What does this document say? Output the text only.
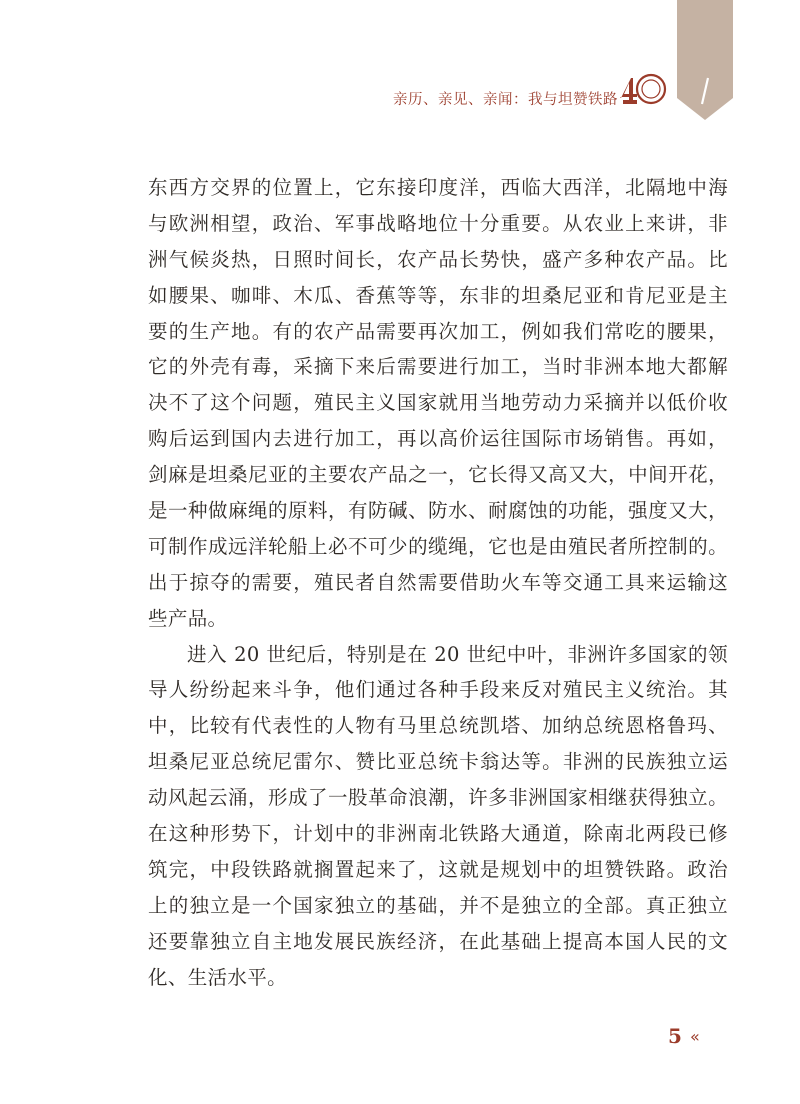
亲历、亲见、亲闻：我与坦赞铁路
东西方交界的位置上，它东接印度洋，西临大西洋，北隔地中海
与欧洲相望，政治、军事战略地位十分重要。从农业上来讲，非
洲气候炎热，日照时间长，农产品长势快，盛产多种农产品。比
如腰果、咖啡、木瓜、香蕉等等，东非的坦桑尼亚和肯尼亚是主
要的生产地。有的农产品需要再次加工，例如我们常吃的腰果，
它的外壳有毒，采摘下来后需要进行加工，当时非洲本地大都解
决不了这个问题，殖民主义国家就用当地劳动力采摘并以低价收
购后运到国内去进行加工，再以高价运往国际市场销售。再如，
剑麻是坦桑尼亚的主要农产品之一，它长得又高又大，中间开花，
是一种做麻绳的原料，有防碱、防水、耐腐蚀的功能，强度又大，
可制作成远洋轮船上必不可少的缆绳，它也是由殖民者所控制的。
出于掠夺的需要，殖民者自然需要借助火车等交通工具来运输这
些产品。
进入 20 世纪后，特别是在 20 世纪中叶，非洲许多国家的领
导人纷纷起来斗争，他们通过各种手段来反对殖民主义统治。其
中，比较有代表性的人物有马里总统凯塔、加纳总统恩格鲁玛、
坦桑尼亚总统尼雷尔、赞比亚总统卡翁达等。非洲的民族独立运
动风起云涌，形成了一股革命浪潮，许多非洲国家相继获得独立。
在这种形势下，计划中的非洲南北铁路大通道，除南北两段已修
筑完，中段铁路就搁置起来了，这就是规划中的坦赞铁路。政治
上的独立是一个国家独立的基础，并不是独立的全部。真正独立
还要靠独立自主地发展民族经济，在此基础上提高本国人民的文
化、生活水平。
5 «
